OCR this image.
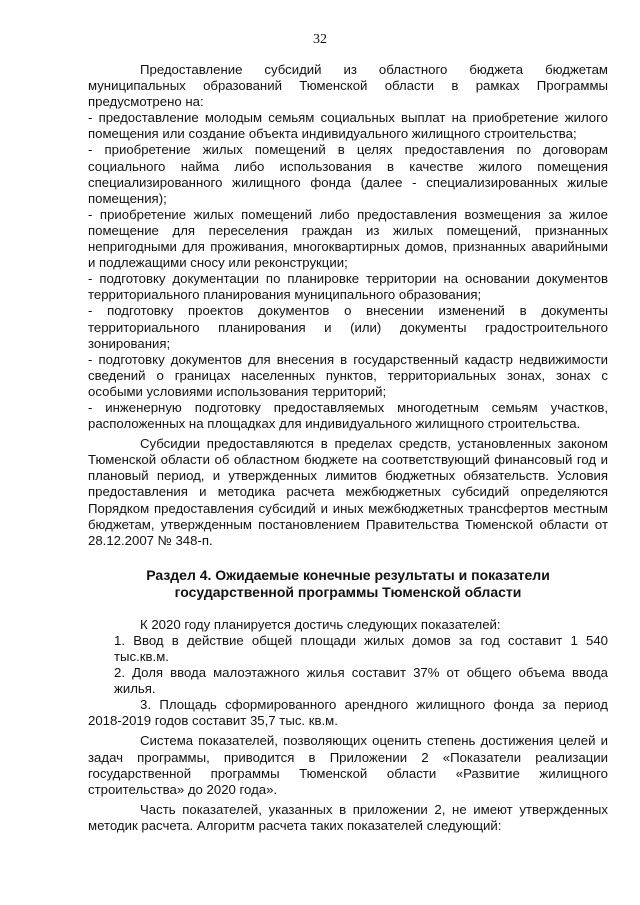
32

Предоставление субсидий из областного бюджета бюджетам муниципальных образований Тюменской области в рамках Программы предусмотрено на:

- предоставление молодым семьям социальных выплат на приобретение жилого помещения или создание объекта индивидуального жилищного строительства;

- приобретение жилых помещений в целях предоставления по договорам социального найма либо использования в качестве жилого помещения специализированного жилищного фонда (далее - специализированных жилые помещения);

- приобретение жилых помещений либо предоставления возмещения за жилое помещение для переселения граждан из жилых помещений, признанных непригодными для проживания, многоквартирных домов, признанных аварийными и подлежащими сносу или реконструкции;

- подготовку документации по планировке территории на основании документов территориального планирования муниципального образования;

- подготовку проектов документов о внесении изменений в документы территориального планирования и (или) документы градостроительного зонирования;

- подготовку документов для внесения в государственный кадастр недвижимости сведений о границах населенных пунктов, территориальных зонах, зонах с особыми условиями использования территорий;

- инженерную подготовку предоставляемых многодетным семьям участков, расположенных на площадках для индивидуального жилищного строительства.

Субсидии предоставляются в пределах средств, установленных законом Тюменской области об областном бюджете на соответствующий финансовый год и плановый период, и утвержденных лимитов бюджетных обязательств. Условия предоставления и методика расчета межбюджетных субсидий определяются Порядком предоставления субсидий и иных межбюджетных трансфертов местным бюджетам, утвержденным постановлением Правительства Тюменской области от 28.12.2007 № 348-п.

Раздел 4. Ожидаемые конечные результаты и показатели государственной программы Тюменской области

К 2020 году планируется достичь следующих показателей:

1. Ввод в действие общей площади жилых домов за год составит 1 540 тыс.кв.м.

2. Доля ввода малоэтажного жилья составит 37% от общего объема ввода жилья.

3. Площадь сформированного арендного жилищного фонда за период 2018-2019 годов составит 35,7 тыс. кв.м.

Система показателей, позволяющих оценить степень достижения целей и задач программы, приводится в Приложении 2 «Показатели реализации государственной программы Тюменской области «Развитие жилищного строительства» до 2020 года».

Часть показателей, указанных в приложении 2, не имеют утвержденных методик расчета. Алгоритм расчета таких показателей следующий:
